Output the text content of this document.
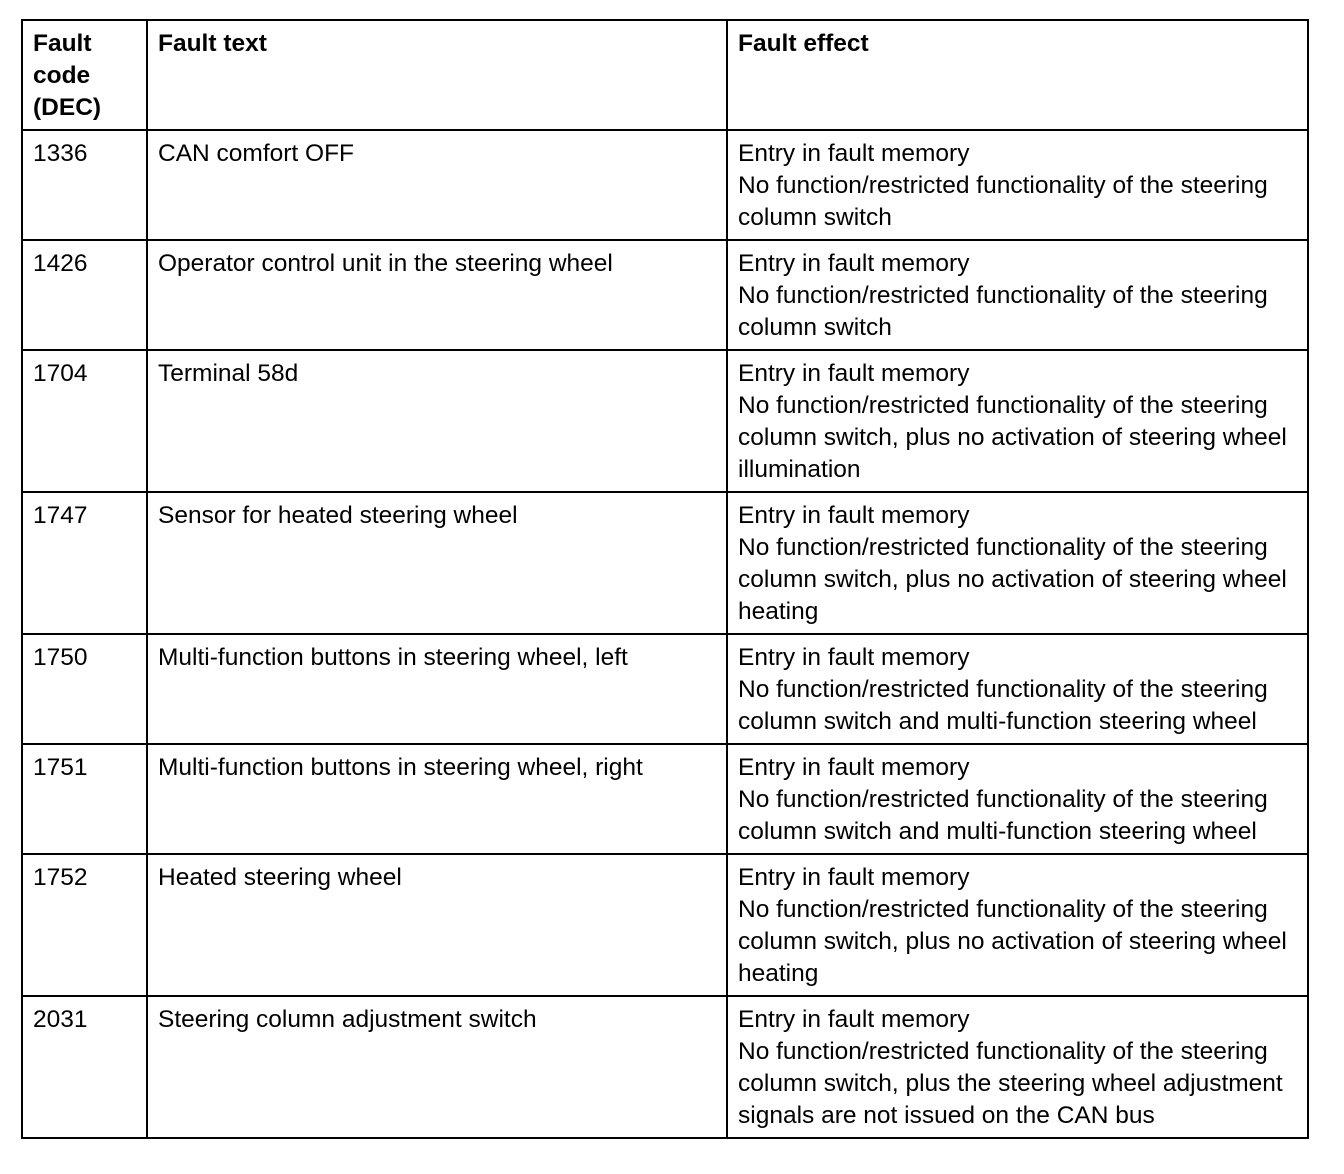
Fault code (DEC)	Fault text	Fault effect
1336	CAN comfort OFF	Entry in fault memory
No function/restricted functionality of the steering column switch

1426	Operator control unit in the steering wheel	Entry in fault memory
No function/restricted functionality of the steering column switch

1704	Terminal 58d	Entry in fault memory
No function/restricted functionality of the steering column switch, plus no activation of steering wheel illumination

1747	Sensor for heated steering wheel	Entry in fault memory
No function/restricted functionality of the steering column switch, plus no activation of steering wheel heating

1750	Multi-function buttons in steering wheel, left	Entry in fault memory
No function/restricted functionality of the steering column switch and multi-function steering wheel

1751	Multi-function buttons in steering wheel, right	Entry in fault memory
No function/restricted functionality of the steering column switch and multi-function steering wheel

1752	Heated steering wheel	Entry in fault memory
No function/restricted functionality of the steering column switch, plus no activation of steering wheel heating

2031	Steering column adjustment switch	Entry in fault memory
No function/restricted functionality of the steering column switch, plus the steering wheel adjustment signals are not issued on the CAN bus
